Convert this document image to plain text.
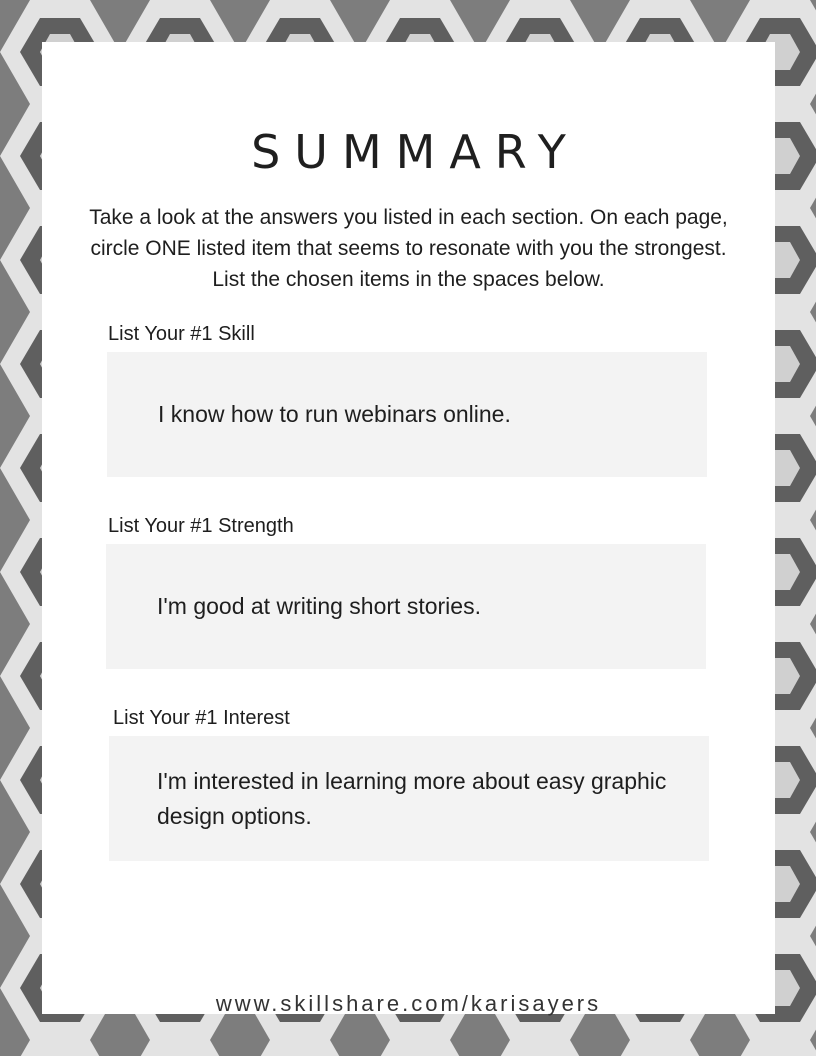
SUMMARY

Take a look at the answers you listed in each section. On each page, circle ONE listed item that seems to resonate with you the strongest. List the chosen items in the spaces below.

List Your #1 Skill

I know how to run webinars online.

List Your #1 Strength

I'm good at writing short stories.

List Your #1 Interest

I'm interested in learning more about easy graphic design options.

www.skillshare.com/karisayers
